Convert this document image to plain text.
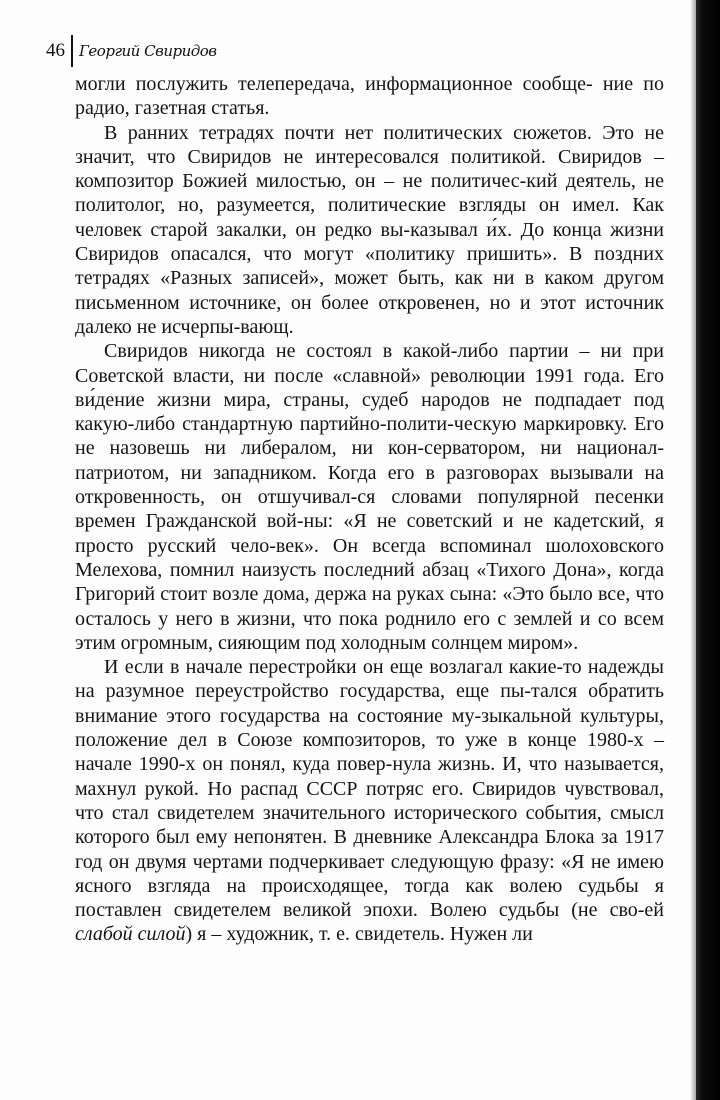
46 Георгий Свиридов

могли послужить телепередача, информационное сообще- ние по радио, газетная статья.

В ранних тетрадях почти нет политических сюжетов. Это не значит, что Свиридов не интересовался политикой. Свиридов – композитор Божией милостью, он – не политичес-кий деятель, не политолог, но, разумеется, политические взгляды он имел. Как человек старой закалки, он редко вы-казывал и́х. До конца жизни Свиридов опасался, что могут «политику пришить». В поздних тетрадях «Разных записей», может быть, как ни в каком другом письменном источнике, он более откровенен, но и этот источник далеко не исчерпы-вающ.

Свиридов никогда не состоял в какой-либо партии – ни при Советской власти, ни после «славной» революции 1991 года. Его ви́дение жизни мира, страны, судеб народов не подпадает под какую-либо стандартную партийно-полити-ческую маркировку. Его не назовешь ни либералом, ни кон-серватором, ни национал-патриотом, ни западником. Когда его в разговорах вызывали на откровенность, он отшучивал-ся словами популярной песенки времен Гражданской вой-ны: «Я не советский и не кадетский, я просто русский чело-век». Он всегда вспоминал шолоховского Мелехова, помнил наизусть последний абзац «Тихого Дона», когда Григорий стоит возле дома, держа на руках сына: «Это было все, что осталось у него в жизни, что пока роднило его с землей и со всем этим огромным, сияющим под холодным солнцем миром».

И если в начале перестройки он еще возлагал какие-то надежды на разумное переустройство государства, еще пы-тался обратить внимание этого государства на состояние му-зыкальной культуры, положение дел в Союзе композиторов, то уже в конце 1980-х – начале 1990-х он понял, куда повер-нула жизнь. И, что называется, махнул рукой. Но распад СССР потряс его. Свиридов чувствовал, что стал свидетелем значительного исторического события, смысл которого был ему непонятен. В дневнике Александра Блока за 1917 год он двумя чертами подчеркивает следующую фразу: «Я не имею ясного взгляда на происходящее, тогда как волею судьбы я поставлен свидетелем великой эпохи. Волею судьбы (не сво-ей слабой силой) я – художник, т. е. свидетель. Нужен ли
